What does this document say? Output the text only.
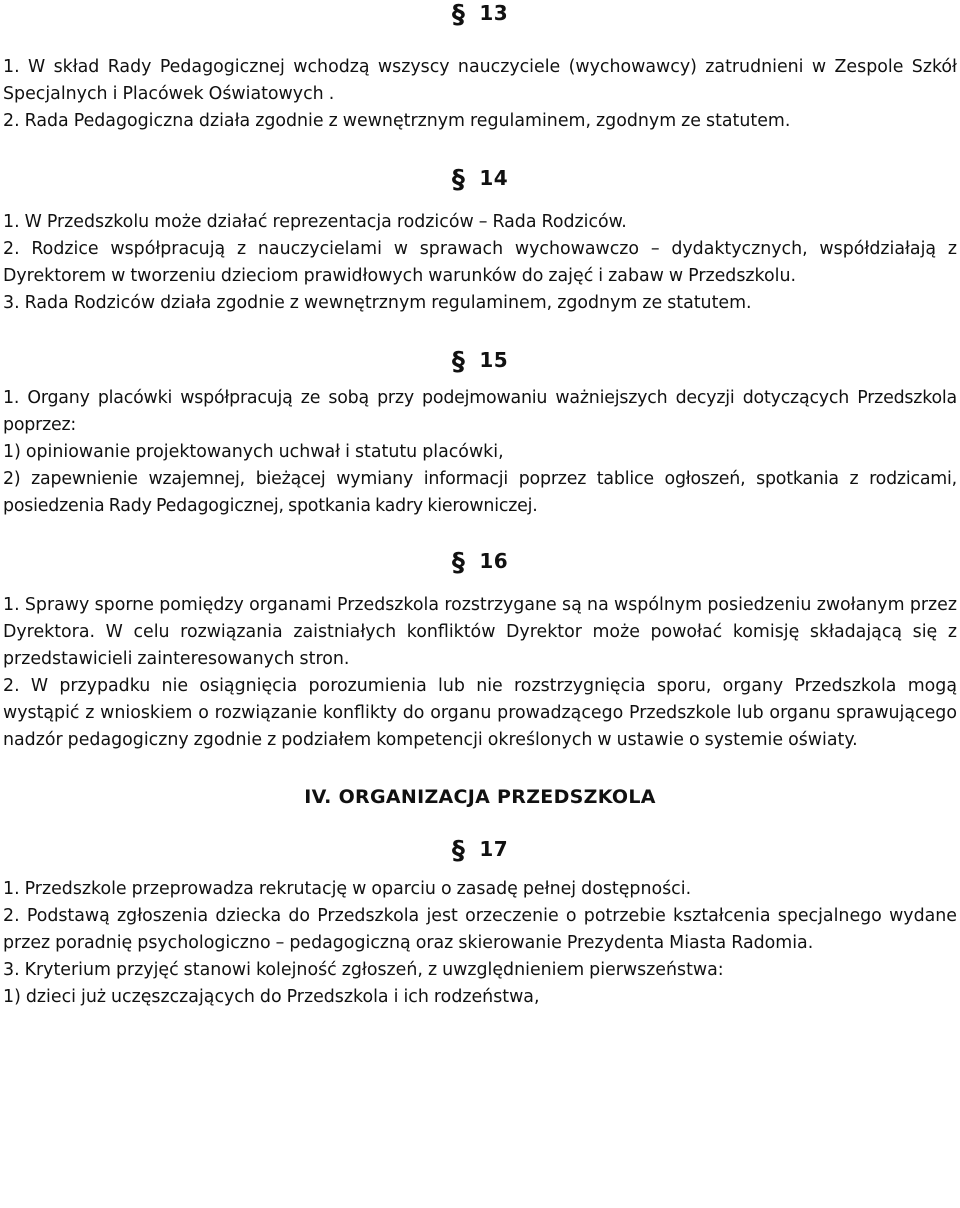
§ 13

1. W skład Rady Pedagogicznej wchodzą wszyscy nauczyciele (wychowawcy) zatrudnieni w Zespole Szkół Specjalnych i Placówek Oświatowych .

2. Rada Pedagogiczna działa zgodnie z wewnętrznym regulaminem, zgodnym ze statutem.

§ 14

1. W Przedszkolu może działać reprezentacja rodziców – Rada Rodziców.

2. Rodzice współpracują z nauczycielami w sprawach wychowawczo – dydaktycznych, współdziałają z Dyrektorem w tworzeniu dzieciom prawidłowych warunków do zajęć i zabaw w Przedszkolu.

3. Rada Rodziców działa zgodnie z wewnętrznym regulaminem, zgodnym ze statutem.

§ 15

1. Organy placówki współpracują ze sobą przy podejmowaniu ważniejszych decyzji dotyczących Przedszkola poprzez:

1) opiniowanie projektowanych uchwał i statutu placówki,

2) zapewnienie wzajemnej, bieżącej wymiany informacji poprzez tablice ogłoszeń, spotkania z rodzicami, posiedzenia Rady Pedagogicznej, spotkania kadry kierowniczej.

§ 16

1. Sprawy sporne pomiędzy organami Przedszkola rozstrzygane są na wspólnym posiedzeniu zwołanym przez Dyrektora. W celu rozwiązania zaistniałych konfliktów Dyrektor może powołać komisję składającą się z przedstawicieli zainteresowanych stron.

2. W przypadku nie osiągnięcia porozumienia lub nie rozstrzygnięcia sporu, organy Przedszkola mogą wystąpić z wnioskiem o rozwiązanie konflikty do organu prowadzącego Przedszkole lub organu sprawującego nadzór pedagogiczny zgodnie z podziałem kompetencji określonych w ustawie o systemie oświaty.

IV. ORGANIZACJA PRZEDSZKOLA
§ 17

1. Przedszkole przeprowadza rekrutację w oparciu o zasadę pełnej dostępności.

2. Podstawą zgłoszenia dziecka do Przedszkola jest orzeczenie o potrzebie kształcenia specjalnego wydane przez poradnię psychologiczno – pedagogiczną oraz skierowanie Prezydenta Miasta Radomia.

3. Kryterium przyjęć stanowi kolejność zgłoszeń, z uwzględnieniem pierwszeństwa:

1) dzieci już uczęszczających do Przedszkola i ich rodzeństwa,
